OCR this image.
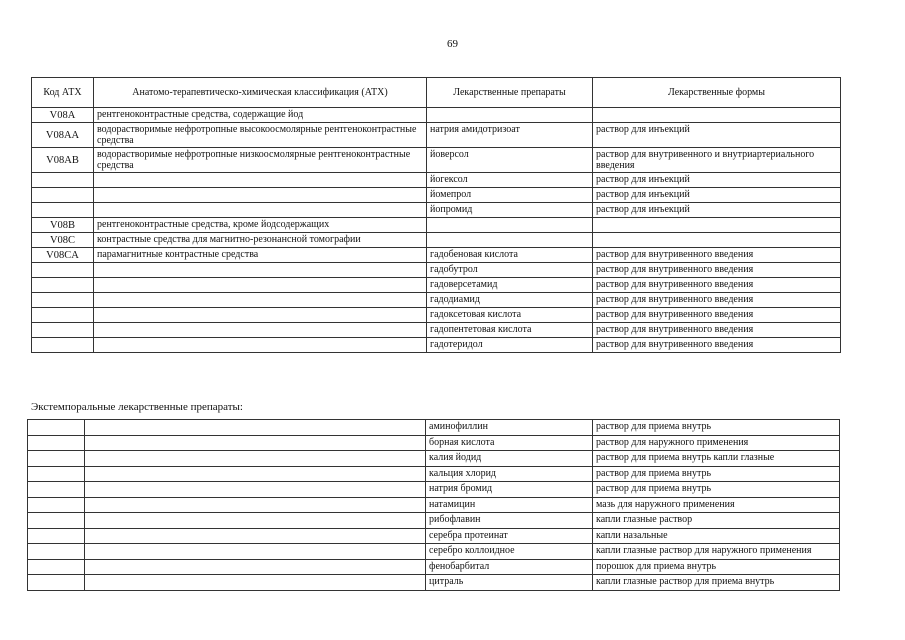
69
Код АТХ	Анатомо-терапевтическо-химическая классификация (АТХ)	Лекарственные препараты	Лекарственные формы
V08A	рентгеноконтрастные средства, содержащие йод		
V08AA	водорастворимые нефротропные высокоосмолярные рентгеноконтрастные средства	натрия амидотризоат	раствор для инъекций
V08AB	водорастворимые нефротропные низкоосмолярные рентгеноконтрастные средства	йоверсол	раствор для внутривенного и внутриартериального введения
		йогексол	раствор для инъекций
		йомепрол	раствор для инъекций
		йопромид	раствор для инъекций
V08B	рентгеноконтрастные средства, кроме йодсодержащих		
V08C	контрастные средства для магнитно-резонансной томографии		
V08CA	парамагнитные контрастные средства	гадобеновая кислота	раствор для внутривенного введения
		гадобутрол	раствор для внутривенного введения
		гадоверсетамид	раствор для внутривенного введения
		гадодиамид	раствор для внутривенного введения
		гадоксетовая кислота	раствор для внутривенного введения
		гадопентетовая кислота	раствор для внутривенного введения
		гадотеридол	раствор для внутривенного введения
Экстемпоральные лекарственные препараты:
		аминофиллин	раствор для приема внутрь
		борная кислота	раствор для наружного применения
		калия йодид	раствор для приема внутрь капли глазные
		кальция хлорид	раствор для приема внутрь
		натрия бромид	раствор для приема внутрь
		натамицин	мазь для наружного применения
		рибофлавин	капли глазные раствор
		серебра протеинат	капли назальные
		серебро коллоидное	капли глазные раствор для наружного применения
		фенобарбитал	порошок для приема внутрь
		цитраль	капли глазные раствор для приема внутрь
